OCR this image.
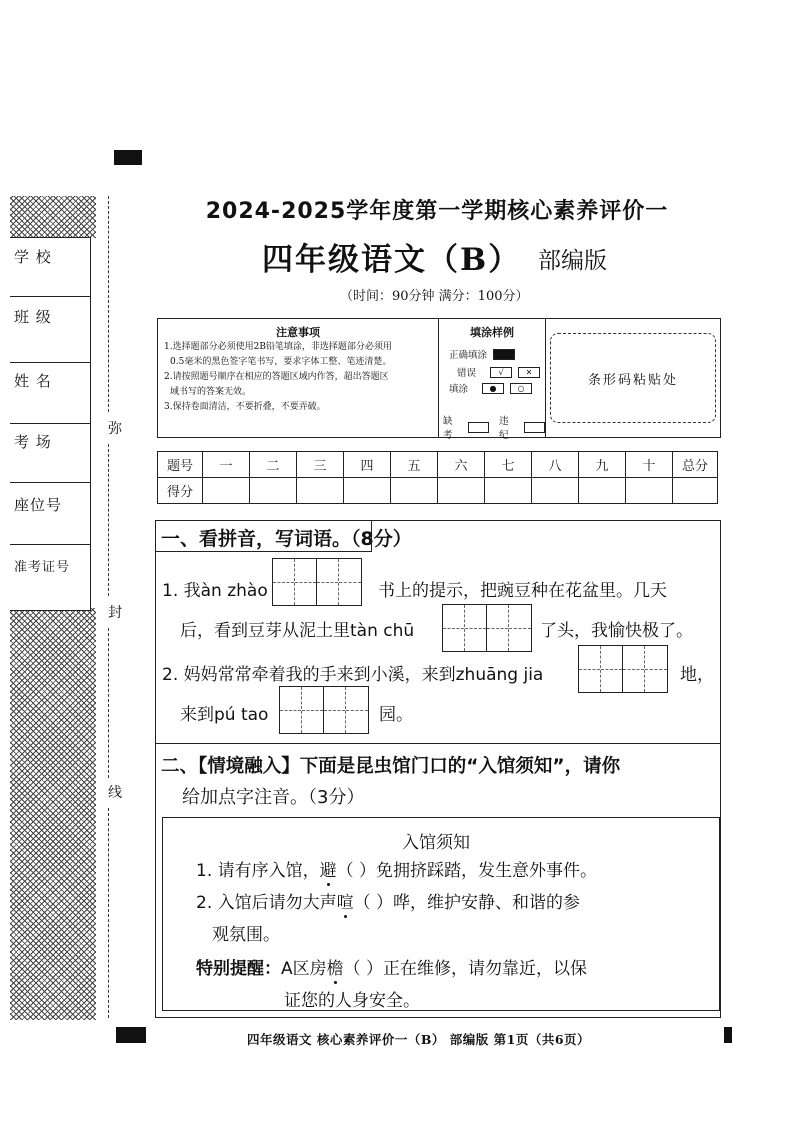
学 校
班 级
姓 名
考 场
座位号
准考证号
弥
封
线
2024-2025学年度第一学期核心素养评价一
四年级语文（B） 部编版
（时间：90分钟 满分：100分）
注意事项
1.选择题部分必须使用2B铅笔填涂，非选择题部分必须用
0.5毫米的黑色签字笔书写，要求字体工整、笔迹清楚。
2.请按照题号顺序在相应的答题区域内作答，超出答题区
域书写的答案无效。
3.保持卷面清洁，不要折叠，不要弄破。
填涂样例
正确填涂
错误	√	✕
填涂	●	○
缺考
违纪
条形码粘贴处
题号	一	二	三	四	五	六	七	八	九	十	总分
得分											
一、看拼音，写词语。（8分）
1. 我àn zhào	书上的提示，把豌豆种在花盆里。几天
后，看到豆芽从泥土里tàn chū	了头，我愉快极了。
2. 妈妈常常牵着我的手来到小溪，来到zhuāng jia	地，
来到pú tao	园。
二、【情境融入】下面是昆虫馆门口的“入馆须知”，请你
给加点字注音。（3分）
入馆须知
1. 请有序入馆，避（ ）免拥挤踩踏，发生意外事件。
2. 入馆后请勿大声喧（ ）哗，维护安静、和谐的参
观氛围。
特别提醒：A区房檐（ ）正在维修，请勿靠近，以保
证您的人身安全。
四年级语文 核心素养评价一（B） 部编版 第1页（共6页）
